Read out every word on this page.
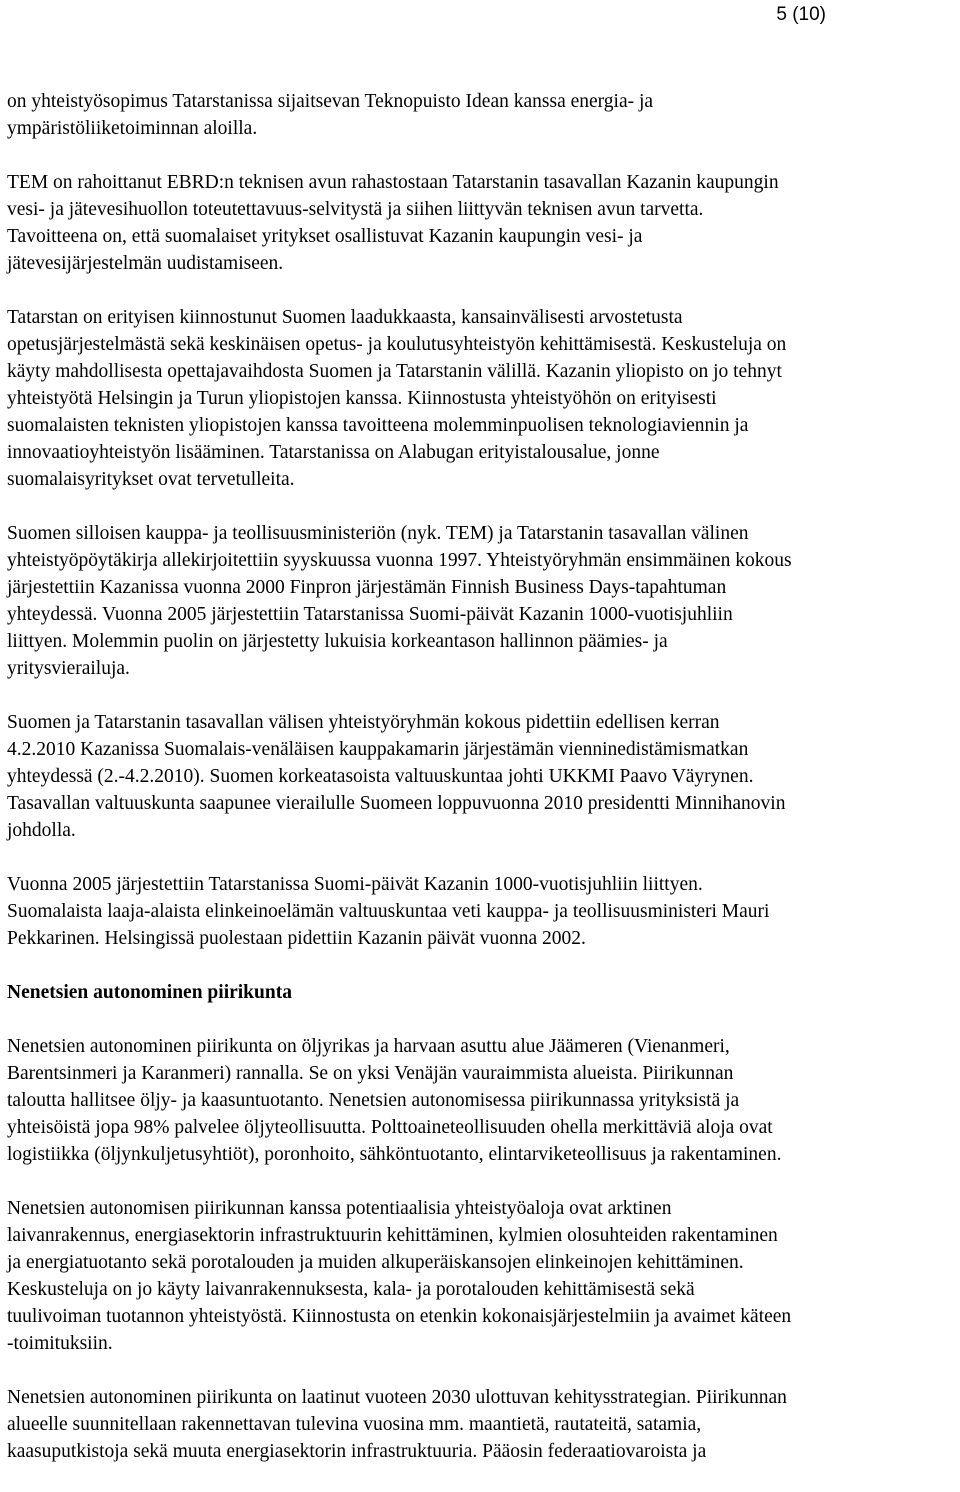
5 (10)

on yhteistyösopimus Tatarstanissa sijaitsevan Teknopuisto Idean kanssa energia- ja
ympäristöliiketoiminnan aloilla.

TEM on rahoittanut EBRD:n teknisen avun rahastostaan Tatarstanin tasavallan Kazanin kaupungin
vesi- ja jätevesihuollon toteutettavuus-selvitystä ja siihen liittyvän teknisen avun tarvetta.
Tavoitteena on, että suomalaiset yritykset osallistuvat Kazanin kaupungin vesi- ja
jätevesijärjestelmän uudistamiseen.

Tatarstan on erityisen kiinnostunut Suomen laadukkaasta, kansainvälisesti arvostetusta
opetusjärjestelmästä sekä keskinäisen opetus- ja koulutusyhteistyön kehittämisestä. Keskusteluja on
käyty mahdollisesta opettajavaihdosta Suomen ja Tatarstanin välillä. Kazanin yliopisto on jo tehnyt
yhteistyötä Helsingin ja Turun yliopistojen kanssa. Kiinnostusta yhteistyöhön on erityisesti
suomalaisten teknisten yliopistojen kanssa tavoitteena molemminpuolisen teknologiaviennin ja
innovaatioyhteistyön lisääminen. Tatarstanissa on Alabugan erityistalousalue, jonne
suomalaisyritykset ovat tervetulleita.

Suomen silloisen kauppa- ja teollisuusministeriön (nyk. TEM) ja Tatarstanin tasavallan välinen
yhteistyöpöytäkirja allekirjoitettiin syyskuussa vuonna 1997. Yhteistyöryhmän ensimmäinen kokous
järjestettiin Kazanissa vuonna 2000 Finpron järjestämän Finnish Business Days-tapahtuman
yhteydessä. Vuonna 2005 järjestettiin Tatarstanissa Suomi-päivät Kazanin 1000-vuotisjuhliin
liittyen. Molemmin puolin on järjestetty lukuisia korkeantason hallinnon päämies- ja
yritysvierailuja.

Suomen ja Tatarstanin tasavallan välisen yhteistyöryhmän kokous pidettiin edellisen kerran
4.2.2010 Kazanissa Suomalais-venäläisen kauppakamarin järjestämän vienninedistämismatkan
yhteydessä (2.-4.2.2010). Suomen korkeatasoista valtuuskuntaa johti UKKMI Paavo Väyrynen.
Tasavallan valtuuskunta saapunee vierailulle Suomeen loppuvuonna 2010 presidentti Minnihanovin
johdolla.

Vuonna 2005 järjestettiin Tatarstanissa Suomi-päivät Kazanin 1000-vuotisjuhliin liittyen.
Suomalaista laaja-alaista elinkeinoelämän valtuuskuntaa veti kauppa- ja teollisuusministeri Mauri
Pekkarinen. Helsingissä puolestaan pidettiin Kazanin päivät vuonna 2002.

Nenetsien autonominen piirikunta

Nenetsien autonominen piirikunta on öljyrikas ja harvaan asuttu alue Jäämeren (Vienanmeri,
Barentsinmeri ja Karanmeri) rannalla. Se on yksi Venäjän vauraimmista alueista. Piirikunnan
taloutta hallitsee öljy- ja kaasuntuotanto. Nenetsien autonomisessa piirikunnassa yrityksistä ja
yhteisöistä jopa 98% palvelee öljyteollisuutta. Polttoaineteollisuuden ohella merkittäviä aloja ovat
logistiikka (öljynkuljetusyhtiöt), poronhoito, sähköntuotanto, elintarviketeollisuus ja rakentaminen.

Nenetsien autonomisen piirikunnan kanssa potentiaalisia yhteistyöaloja ovat arktinen
laivanrakennus, energiasektorin infrastruktuurin kehittäminen, kylmien olosuhteiden rakentaminen
ja energiatuotanto sekä porotalouden ja muiden alkuperäiskansojen elinkeinojen kehittäminen.
Keskusteluja on jo käyty laivanrakennuksesta, kala- ja porotalouden kehittämisestä sekä
tuulivoiman tuotannon yhteistyöstä. Kiinnostusta on etenkin kokonaisjärjestelmiin ja avaimet käteen
-toimituksiin.

Nenetsien autonominen piirikunta on laatinut vuoteen 2030 ulottuvan kehitysstrategian. Piirikunnan
alueelle suunnitellaan rakennettavan tulevina vuosina mm. maantietä, rautateitä, satamia,
kaasuputkistoja sekä muuta energiasektorin infrastruktuuria. Pääosin federaatiovaroista ja
